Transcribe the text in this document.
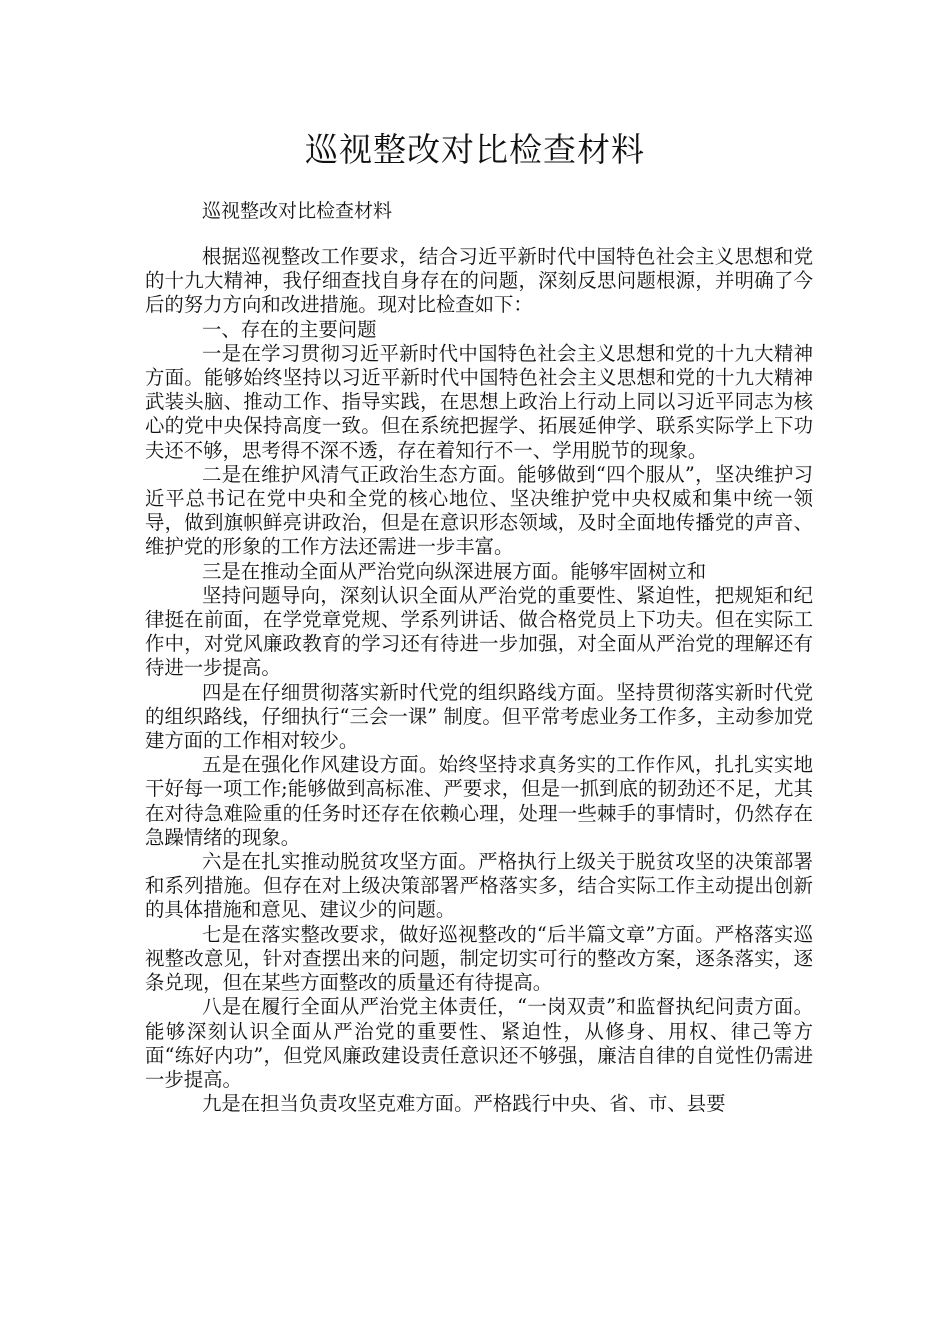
巡视整改对比检查材料

巡视整改对比检查材料

根据巡视整改工作要求，结合习近平新时代中国特色社会主义思想和党的十九大精神，我仔细查找自身存在的问题，深刻反思问题根源，并明确了今后的努力方向和改进措施。现对比检查如下：

一、存在的主要问题

一是在学习贯彻习近平新时代中国特色社会主义思想和党的十九大精神方面。能够始终坚持以习近平新时代中国特色社会主义思想和党的十九大精神武装头脑、推动工作、指导实践，在思想上政治上行动上同以习近平同志为核心的党中央保持高度一致。但在系统把握学、拓展延伸学、联系实际学上下功夫还不够，思考得不深不透，存在着知行不一、学用脱节的现象。

二是在维护风清气正政治生态方面。能够做到“四个服从”，坚决维护习近平总书记在党中央和全党的核心地位、坚决维护党中央权威和集中统一领导，做到旗帜鲜亮讲政治，但是在意识形态领域，及时全面地传播党的声音、维护党的形象的工作方法还需进一步丰富。

三是在推动全面从严治党向纵深进展方面。能够牢固树立和

坚持问题导向，深刻认识全面从严治党的重要性、紧迫性，把规矩和纪律挺在前面，在学党章党规、学系列讲话、做合格党员上下功夫。但在实际工作中，对党风廉政教育的学习还有待进一步加强，对全面从严治党的理解还有待进一步提高。

四是在仔细贯彻落实新时代党的组织路线方面。坚持贯彻落实新时代党的组织路线，仔细执行“三会一课” 制度。但平常考虑业务工作多，主动参加党建方面的工作相对较少。

五是在强化作风建设方面。始终坚持求真务实的工作作风，扎扎实实地干好每一项工作;能够做到高标准、严要求，但是一抓到底的韧劲还不足，尤其在对待急难险重的任务时还存在依赖心理，处理一些棘手的事情时，仍然存在急躁情绪的现象。

六是在扎实推动脱贫攻坚方面。严格执行上级关于脱贫攻坚的决策部署和系列措施。但存在对上级决策部署严格落实多，结合实际工作主动提出创新的具体措施和意见、建议少的问题。

七是在落实整改要求，做好巡视整改的“后半篇文章”方面。严格落实巡视整改意见，针对查摆出来的问题，制定切实可行的整改方案，逐条落实，逐条兑现，但在某些方面整改的质量还有待提高。

八是在履行全面从严治党主体责任，“一岗双责”和监督执纪问责方面。能够深刻认识全面从严治党的重要性、紧迫性，从修身、用权、律己等方面“练好内功”，但党风廉政建设责任意识还不够强，廉洁自律的自觉性仍需进一步提高。

九是在担当负责攻坚克难方面。严格践行中央、省、市、县要
